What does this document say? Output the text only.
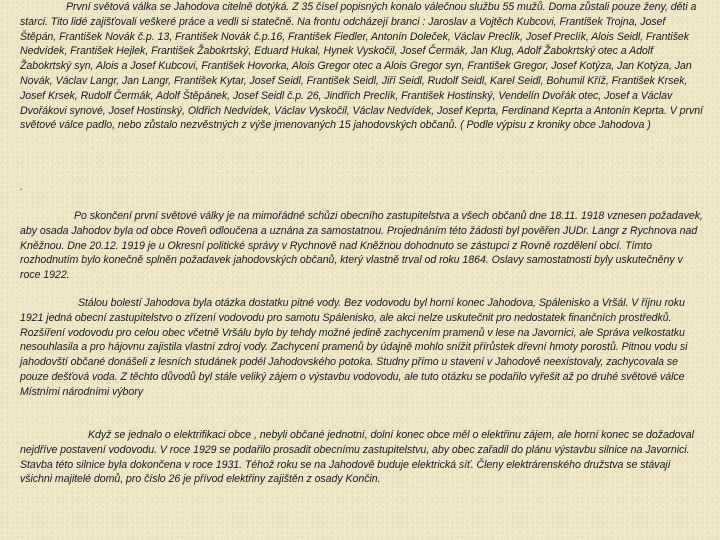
První světová válka se Jahodova citelně dotýká. Z 35 čísel popisných konalo válečnou službu 55 mužů. Doma zůstali pouze ženy, děti a starci. Tito lidé zajišťovali veškeré práce a vedli si statečně. Na frontu odcházejí branci : Jaroslav a Vojtěch Kubcovi, František Trojna, Josef Štěpán, František Novák č.p. 13, František Novák č.p.16, František Fiedler, Antonín Doleček, Václav Preclík, Josef Preclík, Alois Seidl, František Nedvídek, František Hejlek, František Žabokrtský, Eduard Hukal, Hynek Vyskočil, Josef Čermák, Jan Klug, Adolf Žabokrtský otec a Adolf Žabokrtský syn, Alois a Josef Kubcovi, František Hovorka, Alois Gregor otec a Alois Gregor syn, František Gregor, Josef Kotýza, Jan Kotýza, Jan Novák, Václav Langr, Jan Langr, František Kytar, Josef Seidl, František Seidl, Jiří Seidl, Rudolf Seidl, Karel Seidl, Bohumil Kříž, František Krsek, Josef Krsek, Rudolf Čermák, Adolf Štěpánek, Josef Seidl č.p. 26, Jindřich Preclík, František Hostinský, Vendelín Dvořák otec, Josef a Václav Dvořákovi synové, Josef Hostinský, Oldřich Nedvídek, Václav Vyskočil, Václav Nedvídek, Josef Keprta, Ferdinand Keprta a Antonín Keprta. V první světové válce padlo, nebo zůstalo nezvěstných z výše jmenovaných 15 jahodovských občanů. ( Podle výpisu z kroniky obce Jahodova )

.

Po skončení první světové války je na mimořádné schůzi obecního zastupitelstva a všech občanů dne 18.11. 1918 vznesen požadavek, aby osada Jahodov byla od obce Roveň odloučena a uznána za samostatnou. Projednáním této žádosti byl pověřen JUDr. Langr z Rychnova nad Kněžnou. Dne 20.12. 1919 je u Okresní politické správy v Rychnově nad Kněžnou dohodnuto se zástupci z Rovně rozdělení obcí. Tímto rozhodnutím bylo konečně splněn požadavek jahodovských občanů, který vlastně trval od roku 1864. Oslavy samostatnosti byly uskutečněny v roce 1922.

Stálou bolestí Jahodova byla otázka dostatku pitné vody. Bez vodovodu byl horní konec Jahodova, Spálenisko a Vršál. V říjnu roku 1921 jedná obecní zastupitelstvo o zřízení vodovodu pro samotu Spálenisko, ale akci nelze uskutečnit pro nedostatek finančních prostředků. Rozšíření vodovodu pro celou obec včetně Vršálu bylo by tehdy možné jedině zachycením pramenů v lese na Javornici, ale Správa velkostatku nesouhlasila a pro hájovnu zajistila vlastní zdroj vody. Zachycení pramenů by údajně mohlo snížit přírůstek dřevní hmoty porostů. Pitnou vodu si jahodovští občané donášeli z lesních studánek podél Jahodovského potoka. Studny přímo u stavení v Jahodově neexistovaly, zachycovala se pouze dešťová voda. Z těchto důvodů byl stále veliký zájem o výstavbu vodovodu, ale tuto otázku se podařilo vyřešit až po druhé světové válce Místními národními výbory

Když se jednalo o elektrifikaci obce , nebyli občané jednotní, dolní konec obce měl o elektřinu zájem, ale horní konec se dožadoval nejdříve postavení vodovodu. V roce 1929 se podařilo prosadit obecnímu zastupitelstvu, aby obec zařadil do plánu výstavbu silnice na Javornici. Stavba této silnice byla dokončena v roce 1931. Téhož roku se na Jahodově buduje elektrická síť. Členy elektrárenského družstva se stávají všichni majitelé domů, pro číslo 26 je přívod elektřiny zajištěn z osady Končin.
